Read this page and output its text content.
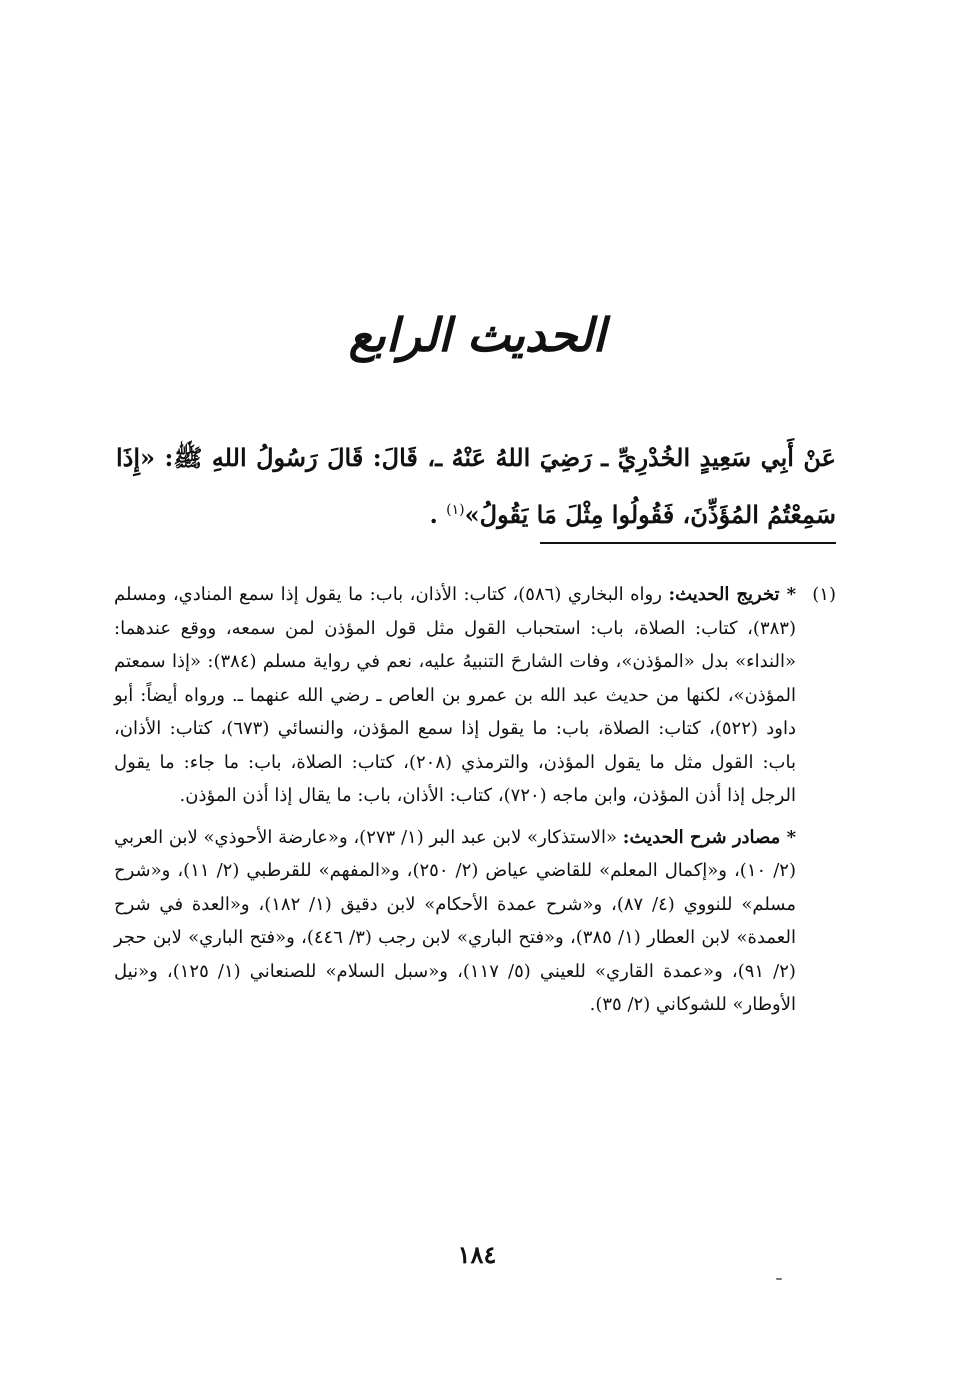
الحديث الرابع
عَنْ أَبِي سَعِيدٍ الخُدْرِيِّ ـ رَضِيَ اللهُ عَنْهُ ـ، قَالَ: قَالَ رَسُولُ اللهِ ﷺ: «إِذَا سَمِعْتُمُ المُؤَذِّنَ، فَقُولُوا مِثْلَ مَا يَقُولُ»$^{(١)}$ .
(١)

* تخريج الحديث: رواه البخاري (٥٨٦)، كتاب: الأذان، باب: ما يقول إذا سمع المنادي، ومسلم (٣٨٣)، كتاب: الصلاة، باب: استحباب القول مثل قول المؤذن لمن سمعه، ووقع عندهما: «النداء» بدل «المؤذن»، وفات الشارحَ التنبيهُ عليه، نعم في رواية مسلم (٣٨٤): «إذا سمعتم المؤذن»، لكنها من حديث عبد الله بن عمرو بن العاص ـ رضي الله عنهما ـ. ورواه أيضاً: أبو داود (٥٢٢)، كتاب: الصلاة، باب: ما يقول إذا سمع المؤذن، والنسائي (٦٧٣)، كتاب: الأذان، باب: القول مثل ما يقول المؤذن، والترمذي (٢٠٨)، كتاب: الصلاة، باب: ما جاء: ما يقول الرجل إذا أذن المؤذن، وابن ماجه (٧٢٠)، كتاب: الأذان، باب: ما يقال إذا أذن المؤذن.

* مصادر شرح الحديث: «الاستذكار» لابن عبد البر (١/ ٢٧٣)، و«عارضة الأحوذي» لابن العربي (٢/ ١٠)، و«إكمال المعلم» للقاضي عياض (٢/ ٢٥٠)، و«المفهم» للقرطبي (٢/ ١١)، و«شرح مسلم» للنووي (٤/ ٨٧)، و«شرح عمدة الأحكام» لابن دقيق (١/ ١٨٢)، و«العدة في شرح العمدة» لابن العطار (١/ ٣٨٥)، و«فتح الباري» لابن رجب (٣/ ٤٤٦)، و«فتح الباري» لابن حجر (٢/ ٩١)، و«عمدة القاري» للعيني (٥/ ١١٧)، و«سبل السلام» للصنعاني (١/ ١٢٥)، و«نيل الأوطار» للشوكاني (٢/ ٣٥).

١٨٤
